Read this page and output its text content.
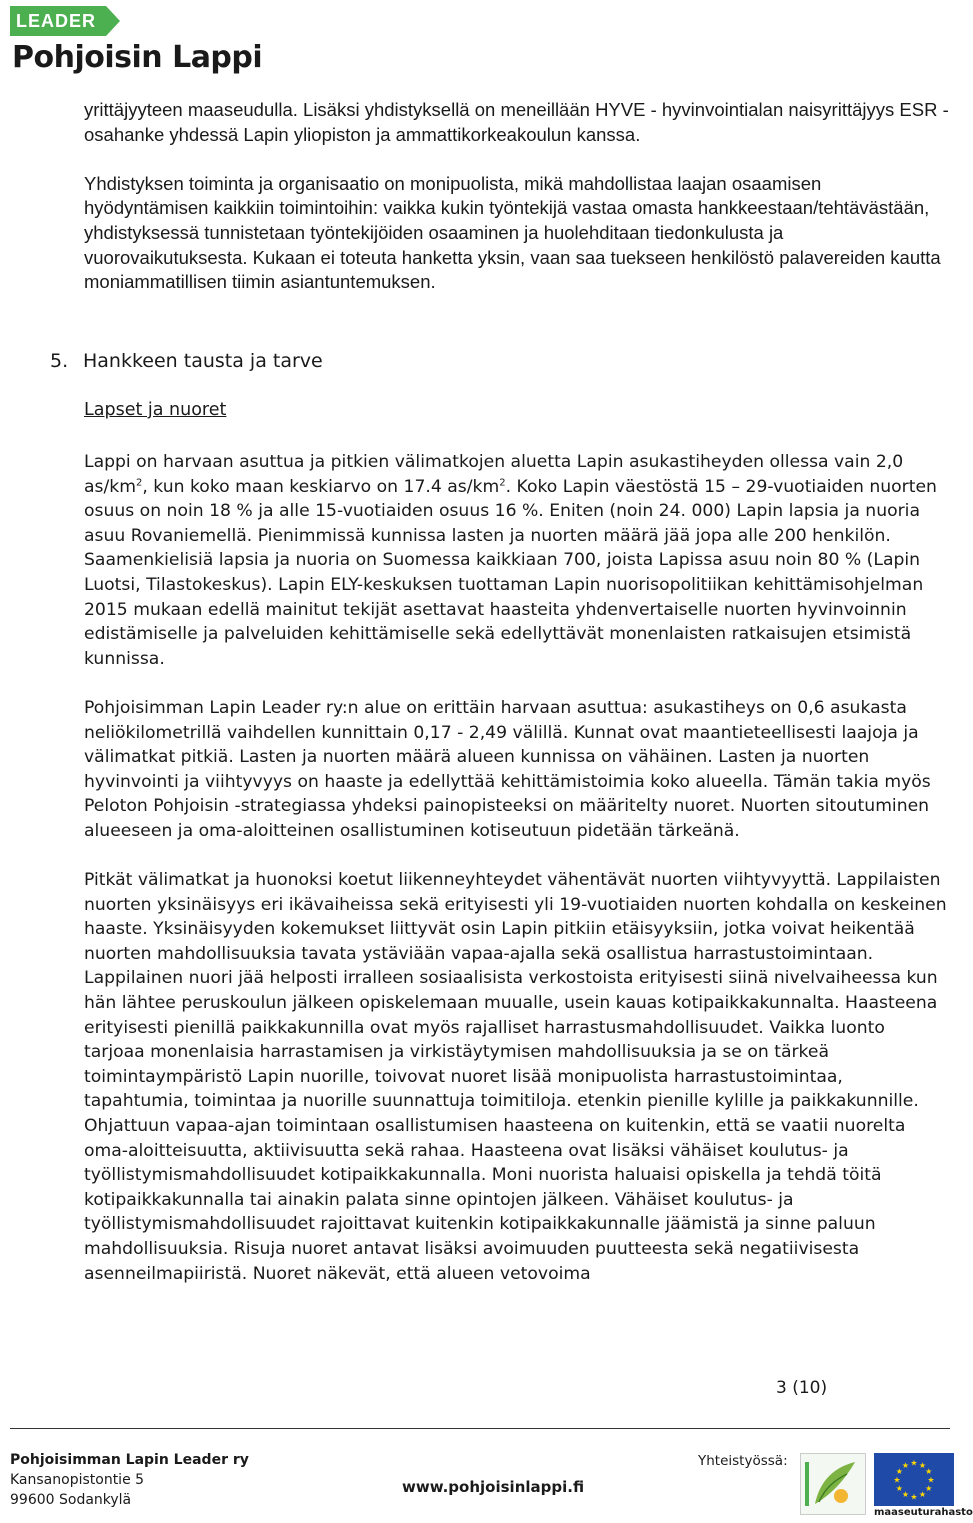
LEADER
Pohjoisin Lappi

yrittäjyyteen maaseudulla. Lisäksi yhdistyksellä on meneillään HYVE - hyvinvointialan naisyrittäjyys ESR -osahanke yhdessä Lapin yliopiston ja ammattikorkeakoulun kanssa.

Yhdistyksen toiminta ja organisaatio on monipuolista, mikä mahdollistaa laajan osaamisen hyödyntämisen kaikkiin toimintoihin: vaikka kukin työntekijä vastaa omasta hankkeestaan/tehtävästään, yhdistyksessä tunnistetaan työntekijöiden osaaminen ja huolehditaan tiedonkulusta ja vuorovaikutuksesta. Kukaan ei toteuta hanketta yksin, vaan saa tuekseen henkilöstö palavereiden kautta moniammatillisen tiimin asiantuntemuksen.

5. Hankkeen tausta ja tarve
Lapset ja nuoret

Lappi on harvaan asuttua ja pitkien välimatkojen aluetta Lapin asukastiheyden ollessa vain 2,0 $as/km^2$, kun koko maan keskiarvo on 17.4 $as/km^2$. Koko Lapin väestöstä 15 – 29-vuotiaiden nuorten osuus on noin 18 % ja alle 15-vuotiaiden osuus 16 %. Eniten (noin 24. 000) Lapin lapsia ja nuoria asuu Rovaniemellä. Pienimmissä kunnissa lasten ja nuorten määrä jää jopa alle 200 henkilön. Saamenkielisiä lapsia ja nuoria on Suomessa kaikkiaan 700, joista Lapissa asuu noin 80 % (Lapin Luotsi, Tilastokeskus). Lapin ELY-keskuksen tuottaman Lapin nuorisopolitiikan kehittämisohjelman 2015 mukaan edellä mainitut tekijät asettavat haasteita yhdenvertaiselle nuorten hyvinvoinnin edistämiselle ja palveluiden kehittämiselle sekä edellyttävät monenlaisten ratkaisujen etsimistä kunnissa.

Pohjoisimman Lapin Leader ry:n alue on erittäin harvaan asuttua: asukastiheys on 0,6 asukasta neliökilometrillä vaihdellen kunnittain 0,17 - 2,49 välillä. Kunnat ovat maantieteellisesti laajoja ja välimatkat pitkiä. Lasten ja nuorten määrä alueen kunnissa on vähäinen. Lasten ja nuorten hyvinvointi ja viihtyvyys on haaste ja edellyttää kehittämistoimia koko alueella. Tämän takia myös Peloton Pohjoisin -strategiassa yhdeksi painopisteeksi on määritelty nuoret. Nuorten sitoutuminen alueeseen ja oma-aloitteinen osallistuminen kotiseutuun pidetään tärkeänä.

Pitkät välimatkat ja huonoksi koetut liikenneyhteydet vähentävät nuorten viihtyvyyttä. Lappilaisten nuorten yksinäisyys eri ikävaiheissa sekä erityisesti yli 19-vuotiaiden nuorten kohdalla on keskeinen haaste. Yksinäisyyden kokemukset liittyvät osin Lapin pitkiin etäisyyksiin, jotka voivat heikentää nuorten mahdollisuuksia tavata ystäviään vapaa-ajalla sekä osallistua harrastustoimintaan. Lappilainen nuori jää helposti irralleen sosiaalisista verkostoista erityisesti siinä nivelvaiheessa kun hän lähtee peruskoulun jälkeen opiskelemaan muualle, usein kauas kotipaikkakunnalta. Haasteena erityisesti pienillä paikkakunnilla ovat myös rajalliset harrastusmahdollisuudet. Vaikka luonto tarjoaa monenlaisia harrastamisen ja virkistäytymisen mahdollisuuksia ja se on tärkeä toimintaympäristö Lapin nuorille, toivovat nuoret lisää monipuolista harrastustoimintaa, tapahtumia, toimintaa ja nuorille suunnattuja toimitiloja. etenkin pienille kylille ja paikkakunnille. Ohjattuun vapaa-ajan toimintaan osallistumisen haasteena on kuitenkin, että se vaatii nuorelta oma-aloitteisuutta, aktiivisuutta sekä rahaa. Haasteena ovat lisäksi vähäiset koulutus- ja työllistymismahdollisuudet kotipaikkakunnalla. Moni nuorista haluaisi opiskella ja tehdä töitä kotipaikkakunnalla tai ainakin palata sinne opintojen jälkeen. Vähäiset koulutus- ja työllistymismahdollisuudet rajoittavat kuitenkin kotipaikkakunnalle jäämistä ja sinne paluun mahdollisuuksia. Risuja nuoret antavat lisäksi avoimuuden puutteesta sekä negatiivisesta asenneilmapiiristä. Nuoret näkevät, että alueen vetovoima

3 (10)
Pohjoisimman Lapin Leader ry
Kansanopistontie 5
99600 Sodankylä
www.pohjoisinlappi.fi
Yhteistyössä:	★ ★
★
★
★
★
★
★
★
★
★
★
maaseuturahasto
